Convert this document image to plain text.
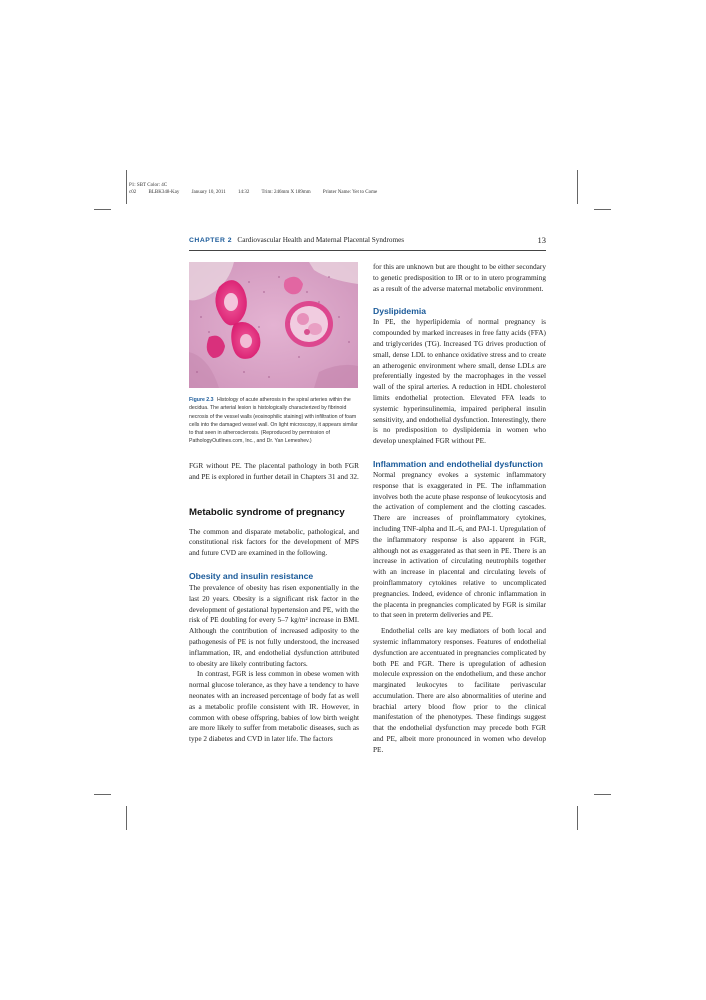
P1: SBT Color: 4C
c02 BLBK348-Kay January 10, 2011 14:32 Trim: 246mm X 189mm Printer Name: Yet to Come
CHAPTER 2 Cardiovascular Health and Maternal Placental Syndromes	13
Figure 2.3 Histology of acute atherosis in the spiral arteries within the decidua. The arterial lesion is histologically characterized by fibrinoid necrosis of the vessel walls (eosinophilic staining) with infiltration of foam cells into the damaged vessel wall. On light microscopy, it appears similar to that seen in atherosclerosis. (Reproduced by permission of PathologyOutlines.com, Inc., and Dr. Yan Lemeshev.)

FGR without PE. The placental pathology in both FGR and PE is explored in further detail in Chapters 31 and 32.

Metabolic syndrome of pregnancy

The common and disparate metabolic, pathological, and constitutional risk factors for the development of MPS and future CVD are examined in the following.

Obesity and insulin resistance

The prevalence of obesity has risen exponentially in the last 20 years. Obesity is a significant risk factor in the development of gestational hypertension and PE, with the risk of PE doubling for every 5–7 kg/m² increase in BMI. Although the contribution of increased adiposity to the pathogenesis of PE is not fully understood, the increased inflammation, IR, and endothelial dysfunction attributed to obesity are likely contributing factors.

In contrast, FGR is less common in obese women with normal glucose tolerance, as they have a tendency to have neonates with an increased percentage of body fat as well as a metabolic profile consistent with IR. However, in common with obese offspring, babies of low birth weight are more likely to suffer from metabolic diseases, such as type 2 diabetes and CVD in later life. The factors

for this are unknown but are thought to be either secondary to genetic predisposition to IR or to in utero programming as a result of the adverse maternal metabolic environment.

Dyslipidemia

In PE, the hyperlipidemia of normal pregnancy is compounded by marked increases in free fatty acids (FFA) and triglycerides (TG). Increased TG drives production of small, dense LDL to enhance oxidative stress and to create an atherogenic environment where small, dense LDLs are preferentially ingested by the macrophages in the vessel wall of the spiral arteries. A reduction in HDL cholesterol limits endothelial protection. Elevated FFA leads to systemic hyperinsulinemia, impaired peripheral insulin sensitivity, and endothelial dysfunction. Interestingly, there is no predisposition to dyslipidemia in women who develop unexplained FGR without PE.

Inflammation and endothelial dysfunction

Normal pregnancy evokes a systemic inflammatory response that is exaggerated in PE. The inflammation involves both the acute phase response of leukocytosis and the activation of complement and the clotting cascades. There are increases of proinflammatory cytokines, including TNF-alpha and IL-6, and PAI-1. Upregulation of the inflammatory response is also apparent in FGR, although not as exaggerated as that seen in PE. There is an increase in activation of circulating neutrophils together with an increase in placental and circulating levels of proinflammatory cytokines relative to uncomplicated pregnancies. Indeed, evidence of chronic inflammation in the placenta in pregnancies complicated by FGR is similar to that seen in preterm deliveries and PE.

Endothelial cells are key mediators of both local and systemic inflammatory responses. Features of endothelial dysfunction are accentuated in pregnancies complicated by both PE and FGR. There is upregulation of adhesion molecule expression on the endothelium, and these anchor marginated leukocytes to facilitate perivascular accumulation. There are also abnormalities of uterine and brachial artery blood flow prior to the clinical manifestation of the phenotypes. These findings suggest that the endothelial dysfunction may precede both FGR and PE, albeit more pronounced in women who develop PE.
